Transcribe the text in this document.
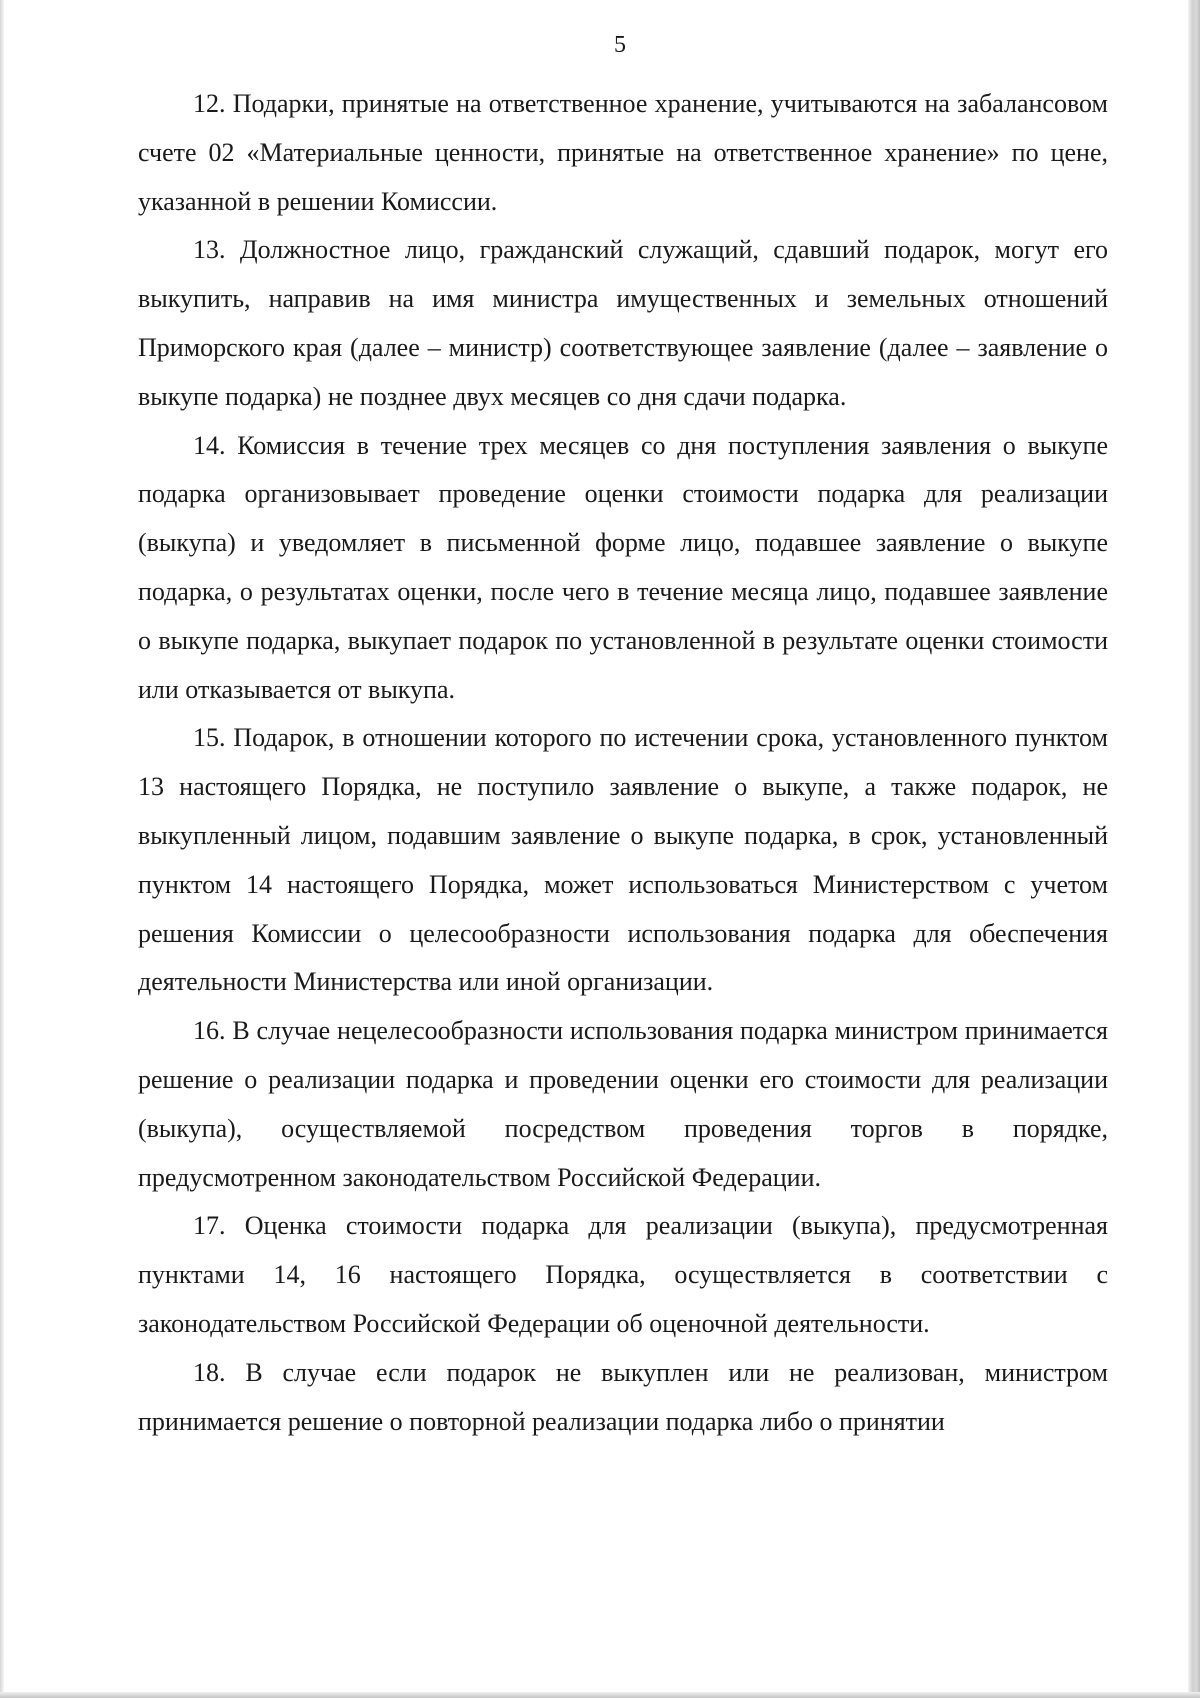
5

12. Подарки, принятые на ответственное хранение, учитываются на забалансовом счете 02 «Материальные ценности, принятые на ответственное хранение» по цене, указанной в решении Комиссии.

13. Должностное лицо, гражданский служащий, сдавший подарок, могут его выкупить, направив на имя министра имущественных и земельных отношений Приморского края (далее – министр) соответствующее заявление (далее – заявление о выкупе подарка) не позднее двух месяцев со дня сдачи подарка.

14. Комиссия в течение трех месяцев со дня поступления заявления о выкупе подарка организовывает проведение оценки стоимости подарка для реализации (выкупа) и уведомляет в письменной форме лицо, подавшее заявление о выкупе подарка, о результатах оценки, после чего в течение месяца лицо, подавшее заявление о выкупе подарка, выкупает подарок по установленной в результате оценки стоимости или отказывается от выкупа.

15. Подарок, в отношении которого по истечении срока, установленного пунктом 13 настоящего Порядка, не поступило заявление о выкупе, а также подарок, не выкупленный лицом, подавшим заявление о выкупе подарка, в срок, установленный пунктом 14 настоящего Порядка, может использоваться Министерством с учетом решения Комиссии о целесообразности использования подарка для обеспечения деятельности Министерства или иной организации.

16. В случае нецелесообразности использования подарка министром принимается решение о реализации подарка и проведении оценки его стоимости для реализации (выкупа), осуществляемой посредством проведения торгов в порядке, предусмотренном законодательством Российской Федерации.

17. Оценка стоимости подарка для реализации (выкупа), предусмотренная пунктами 14, 16 настоящего Порядка, осуществляется в соответствии с законодательством Российской Федерации об оценочной деятельности.

18. В случае если подарок не выкуплен или не реализован, министром принимается решение о повторной реализации подарка либо о принятии
